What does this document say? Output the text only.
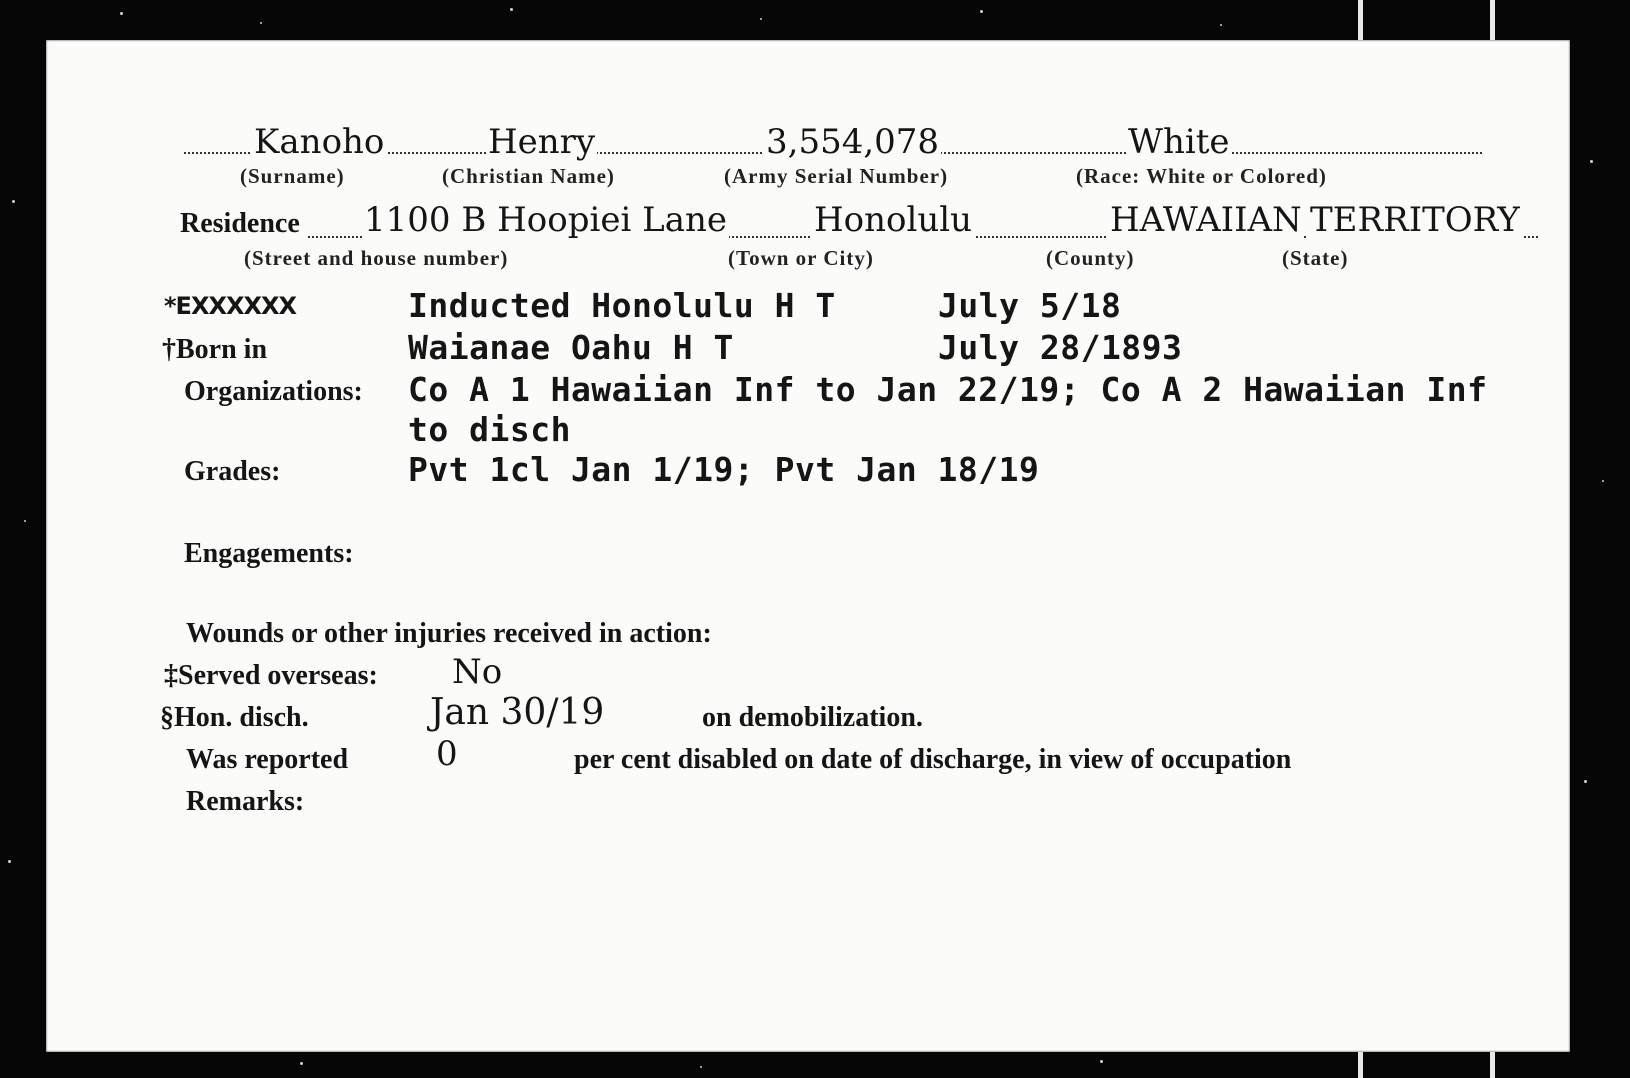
Kanoho	Henry	3,554,078	White
(Surname)	(Christian Name)	(Army Serial Number)	(Race: White or Colored)
Residence 1100 B Hoopiei Lane	Honolulu	HAWAIIAN TERRITORY
(Street and house number)	(Town or City)	(County)	(State)
*EXXXXXX	Inducted Honolulu H T	July 5/18
†Born in	Waianae Oahu H T	July 28/1893
Organizations: Co A 1 Hawaiian Inf to Jan 22/19; Co A 2 Hawaiian Inf
to disch
Grades:	Pvt 1cl Jan 1/19; Pvt Jan 18/19
Engagements:
Wounds or other injuries received in action:
‡Served overseas: No
§Hon. disch.	Jan 30/19	on demobilization.
Was reported	0	per cent disabled on date of discharge, in view of occupation
Remarks:
